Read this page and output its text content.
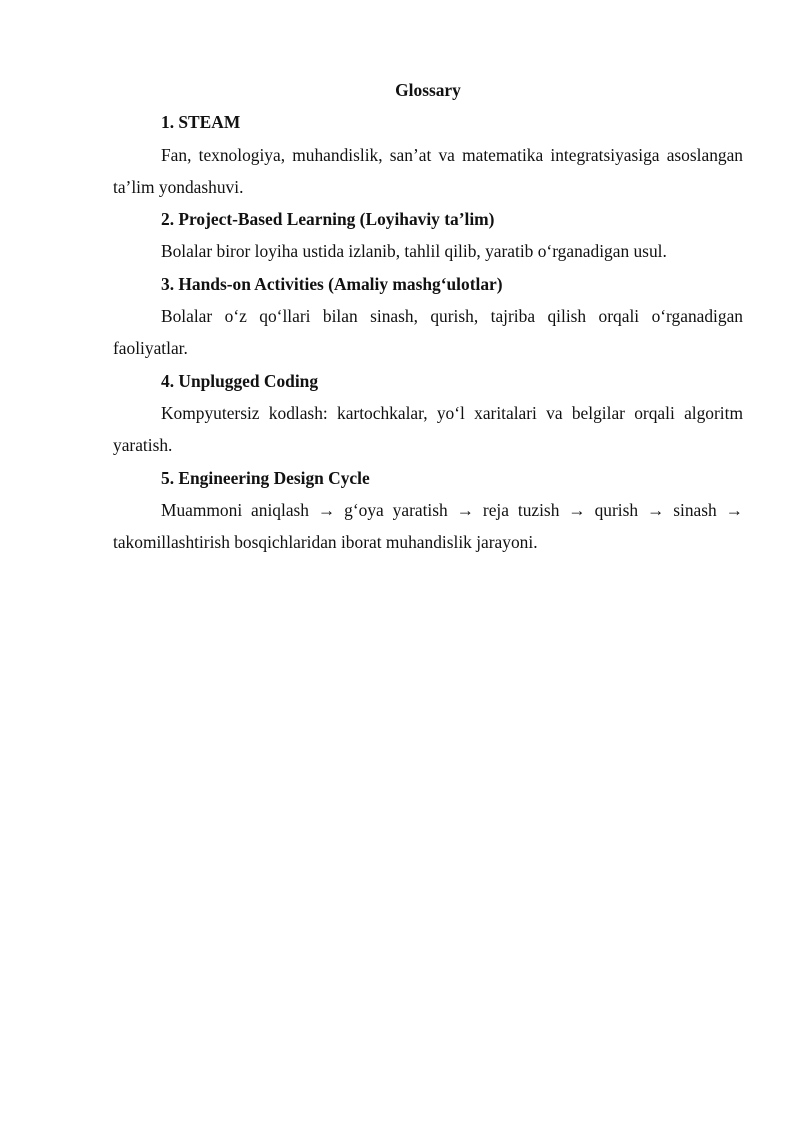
Glossary

1. STEAM

Fan, texnologiya, muhandislik, san’at va matematika integratsiyasiga asoslangan ta’lim yondashuvi.

2. Project-Based Learning (Loyihaviy ta’lim)

Bolalar biror loyiha ustida izlanib, tahlil qilib, yaratib o‘rganadigan usul.

3. Hands-on Activities (Amaliy mashg‘ulotlar)

Bolalar o‘z qo‘llari bilan sinash, qurish, tajriba qilish orqali o‘rganadigan faoliyatlar.

4. Unplugged Coding

Kompyutersiz kodlash: kartochkalar, yo‘l xaritalari va belgilar orqali algoritm yaratish.

5. Engineering Design Cycle

Muammoni aniqlash → g‘oya yaratish → reja tuzish → qurish → sinash → takomillashtirish bosqichlaridan iborat muhandislik jarayoni.
